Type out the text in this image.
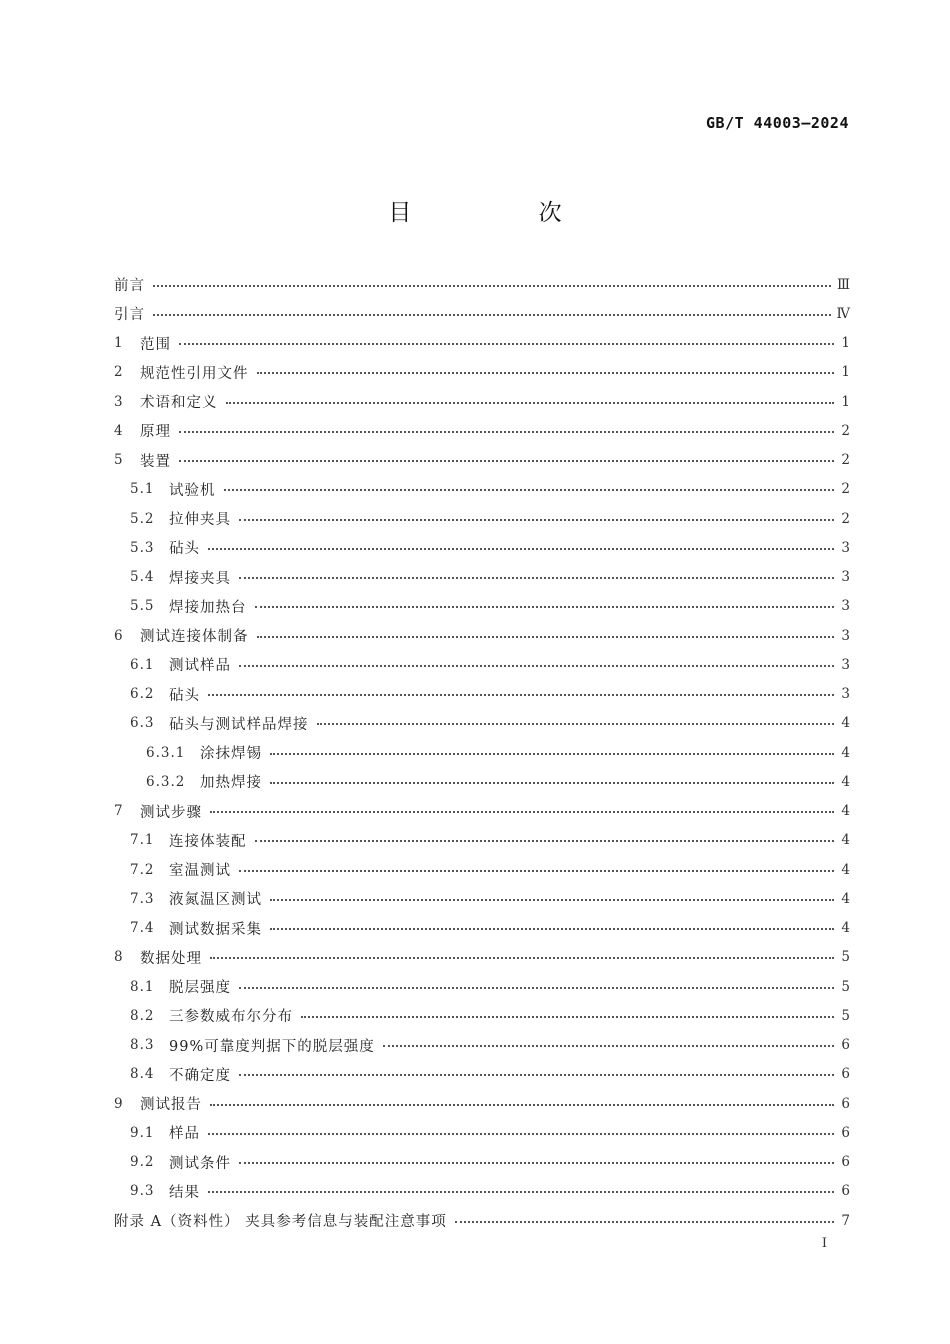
GB/T 44003—2024
目 次
前言	Ⅲ
引言	Ⅳ
1	范围	1
2	规范性引用文件	1
3	术语和定义	1
4	原理	2
5	装置	2
5.1	试验机	2
5.2	拉伸夹具	2
5.3	砧头	3
5.4	焊接夹具	3
5.5	焊接加热台	3
6	测试连接体制备	3
6.1	测试样品	3
6.2	砧头	3
6.3	砧头与测试样品焊接	4
6.3.1	涂抹焊锡	4
6.3.2	加热焊接	4
7	测试步骤	4
7.1	连接体装配	4
7.2	室温测试	4
7.3	液氮温区测试	4
7.4	测试数据采集	4
8	数据处理	5
8.1	脱层强度	5
8.2	三参数威布尔分布	5
8.3	99%可靠度判据下的脱层强度	6
8.4	不确定度	6
9	测试报告	6
9.1	样品	6
9.2	测试条件	6
9.3	结果	6
附录 A（资料性） 夹具参考信息与装配注意事项	7
I
